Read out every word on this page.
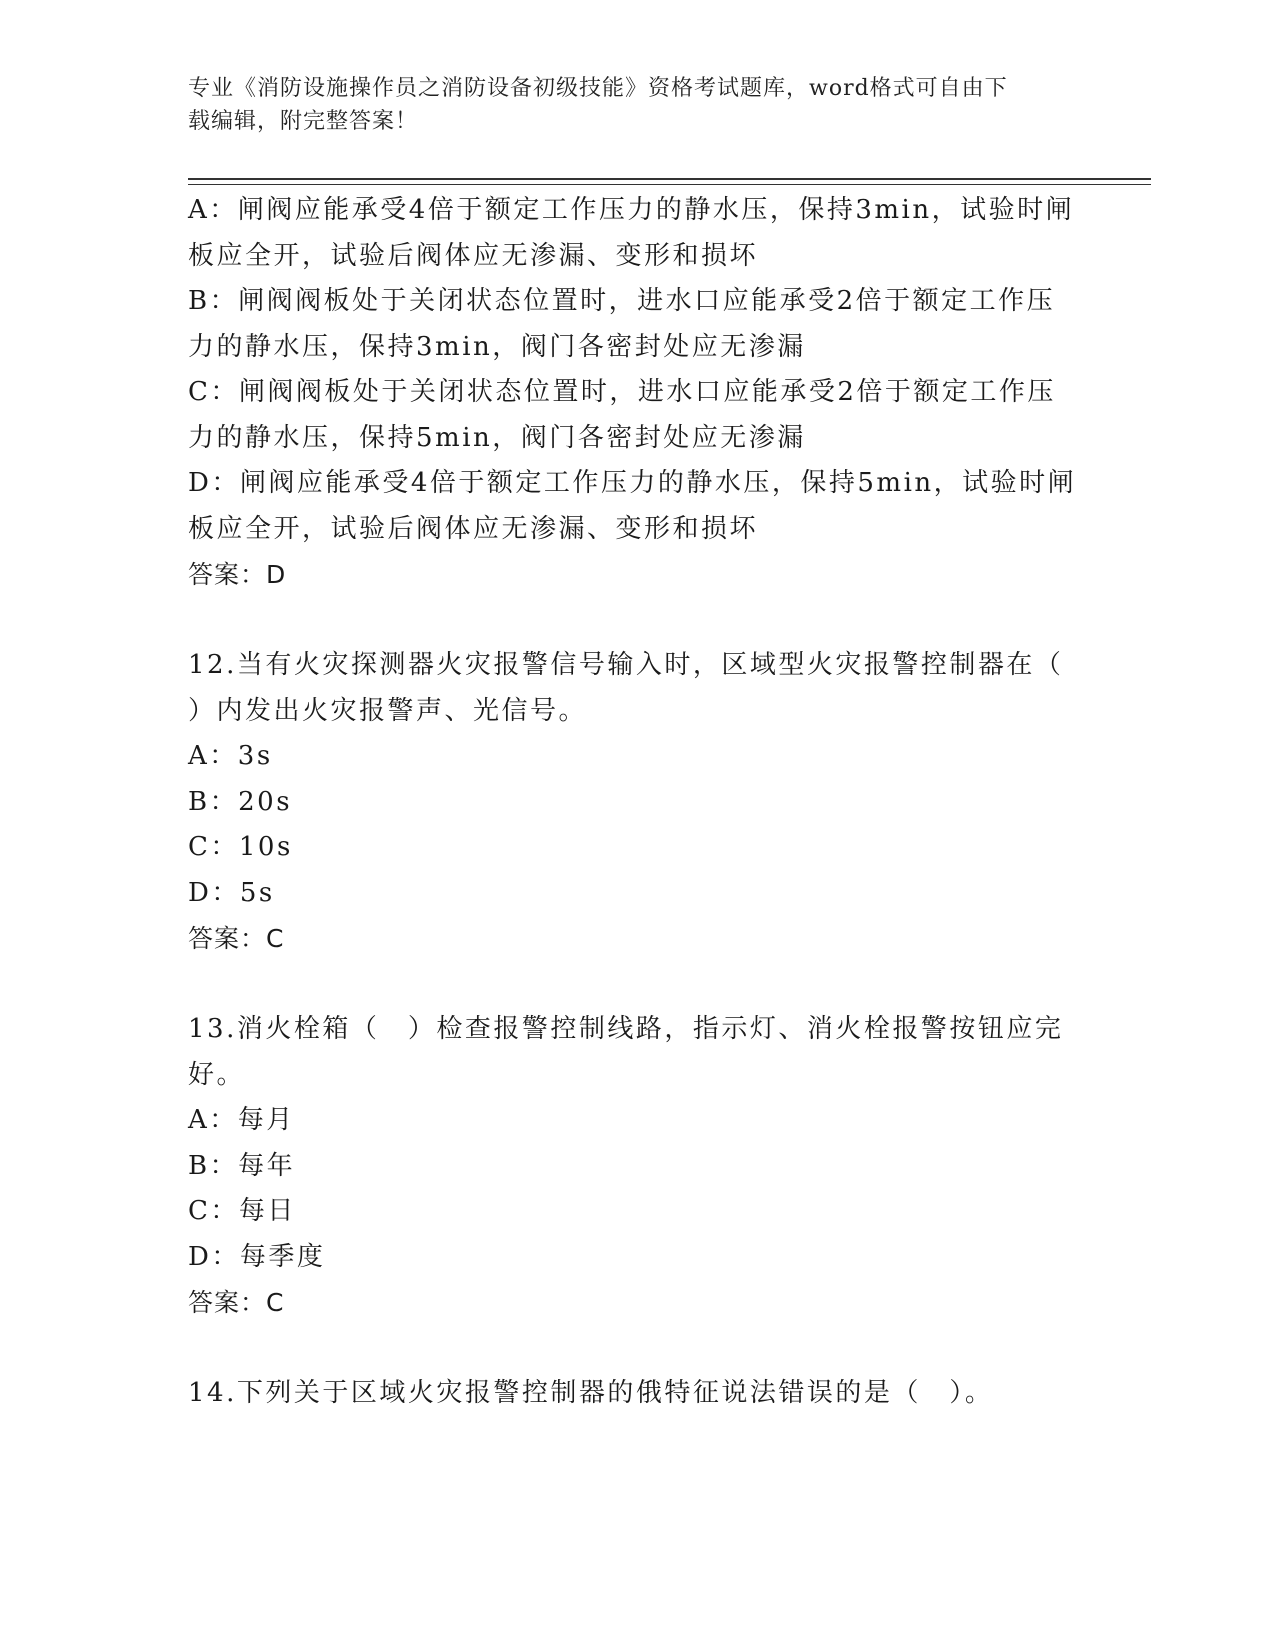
专业《消防设施操作员之消防设备初级技能》资格考试题库，word格式可自由下
载编辑，附完整答案！
A：闸阀应能承受4倍于额定工作压力的静水压，保持3min，试验时闸
板应全开，试验后阀体应无渗漏、变形和损坏
B：闸阀阀板处于关闭状态位置时，进水口应能承受2倍于额定工作压
力的静水压，保持3min，阀门各密封处应无渗漏
C：闸阀阀板处于关闭状态位置时，进水口应能承受2倍于额定工作压
力的静水压，保持5min，阀门各密封处应无渗漏
D：闸阀应能承受4倍于额定工作压力的静水压，保持5min，试验时闸
板应全开，试验后阀体应无渗漏、变形和损坏
答案：D
12.当有火灾探测器火灾报警信号输入时，区域型火灾报警控制器在（
）内发出火灾报警声、光信号。
A：3s
B：20s
C：10s
D：5s
答案：C
13.消火栓箱（　）检查报警控制线路，指示灯、消火栓报警按钮应完
好。
A：每月
B：每年
C：每日
D：每季度
答案：C
14.下列关于区域火灾报警控制器的俄特征说法错误的是（　）。
